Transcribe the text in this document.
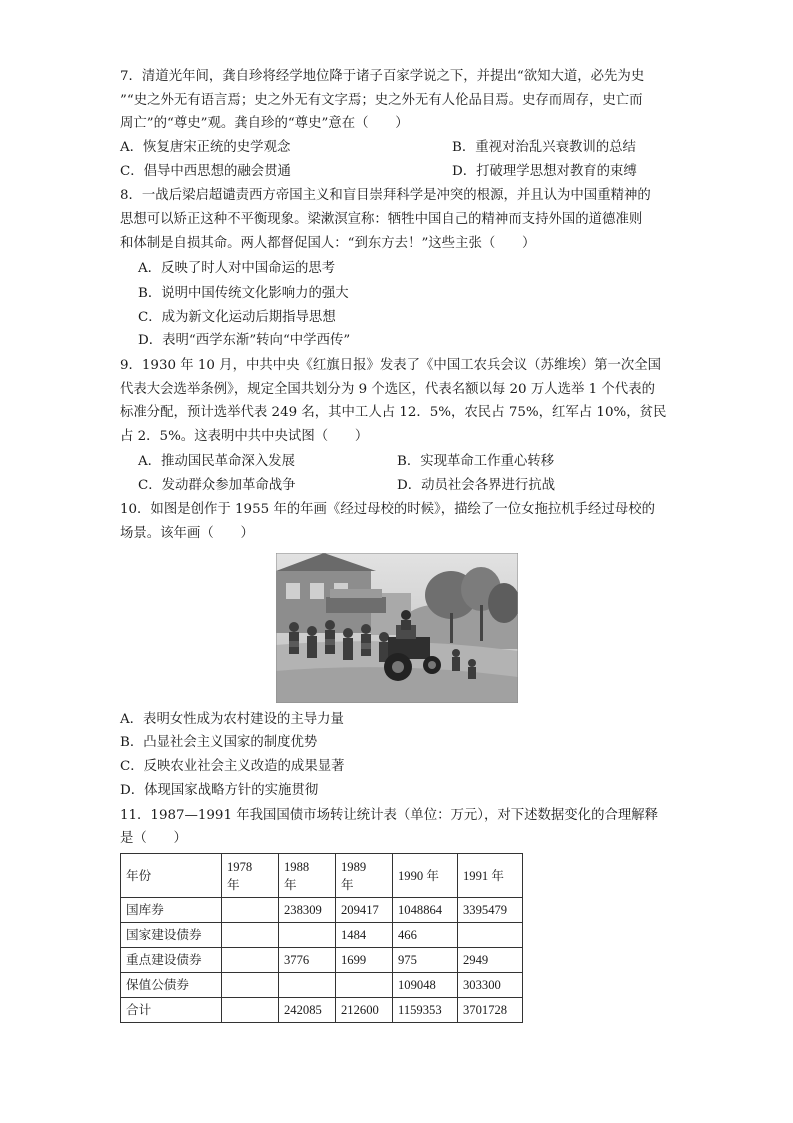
7．清道光年间，龚自珍将经学地位降于诸子百家学说之下，并提出“欲知大道，必先为史
”“史之外无有语言焉；史之外无有文字焉；史之外无有人伦品目焉。史存而周存，史亡而
周亡”的“尊史”观。龚自珍的“尊史”意在（　　）
A．恢复唐宋正统的史学观念	B．重视对治乱兴衰教训的总结
C．倡导中西思想的融会贯通	D．打破理学思想对教育的束缚
8．一战后梁启超谴责西方帝国主义和盲目崇拜科学是冲突的根源，并且认为中国重精神的
思想可以矫正这种不平衡现象。梁漱溟宣称：牺牲中国自己的精神而支持外国的道德准则
和体制是自损其命。两人都督促国人：“到东方去！”这些主张（　　）
A．反映了时人对中国命运的思考
B．说明中国传统文化影响力的强大
C．成为新文化运动后期指导思想
D．表明“西学东渐”转向“中学西传”
9．1930 年 10 月，中共中央《红旗日报》发表了《中国工农兵会议（苏维埃）第一次全国
代表大会选举条例》，规定全国共划分为 9 个选区，代表名额以每 20 万人选举 1 个代表的
标准分配，预计选举代表 249 名，其中工人占 12．5%，农民占 75%，红军占 10%，贫民
占 2．5%。这表明中共中央试图（　　）
A．推动国民革命深入发展	B．实现革命工作重心转移
C．发动群众参加革命战争	D．动员社会各界进行抗战
10．如图是创作于 1955 年的年画《经过母校的时候》，描绘了一位女拖拉机手经过母校的
场景。该年画（　　）
A．表明女性成为农村建设的主导力量
B．凸显社会主义国家的制度优势
C．反映农业社会主义改造的成果显著
D．体现国家战略方针的实施贯彻
11．1987—1991 年我国国债市场转让统计表（单位：万元），对下述数据变化的合理解释
是（　　）
年份	1978 年	1988 年	1989 年	1990 年	1991 年
国库券		238309	209417	1048864	3395479
国家建设债券			1484	466	
重点建设债券		3776	1699	975	2949
保值公债券				109048	303300
合计		242085	212600	1159353	3701728
